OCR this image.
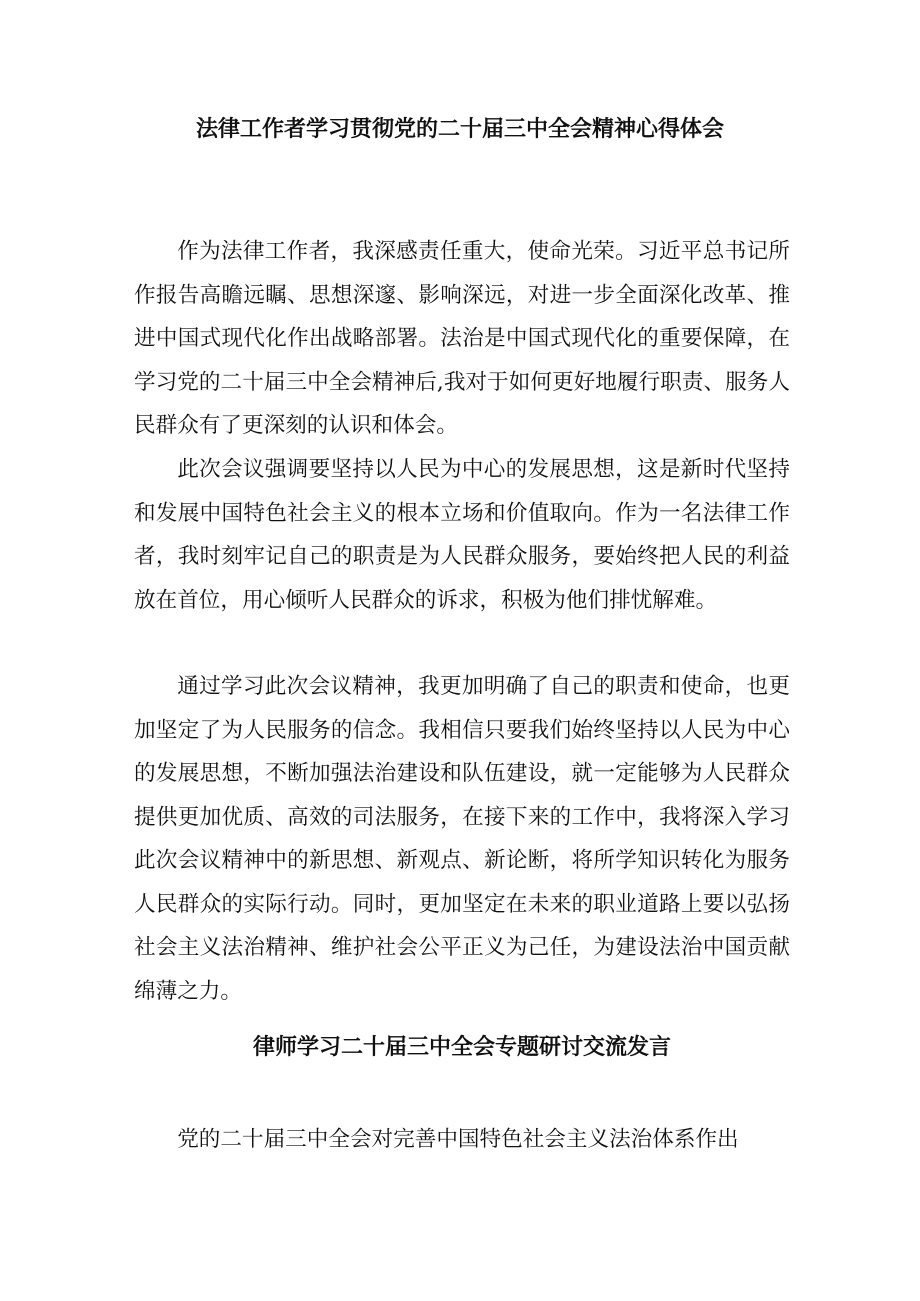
法律工作者学习贯彻党的二十届三中全会精神心得体会

作为法律工作者，我深感责任重大，使命光荣。习近平总书记所作报告高瞻远瞩、思想深邃、影响深远，对进一步全面深化改革、推进中国式现代化作出战略部署。法治是中国式现代化的重要保障，在学习党的二十届三中全会精神后,我对于如何更好地履行职责、服务人民群众有了更深刻的认识和体会。

此次会议强调要坚持以人民为中心的发展思想，这是新时代坚持和发展中国特色社会主义的根本立场和价值取向。作为一名法律工作者，我时刻牢记自己的职责是为人民群众服务，要始终把人民的利益放在首位，用心倾听人民群众的诉求，积极为他们排忧解难。

通过学习此次会议精神，我更加明确了自己的职责和使命，也更加坚定了为人民服务的信念。我相信只要我们始终坚持以人民为中心的发展思想，不断加强法治建设和队伍建设，就一定能够为人民群众提供更加优质、高效的司法服务，在接下来的工作中，我将深入学习此次会议精神中的新思想、新观点、新论断，将所学知识转化为服务人民群众的实际行动。同时，更加坚定在未来的职业道路上要以弘扬社会主义法治精神、维护社会公平正义为己任，为建设法治中国贡献绵薄之力。

律师学习二十届三中全会专题研讨交流发言

党的二十届三中全会对完善中国特色社会主义法治体系作出
